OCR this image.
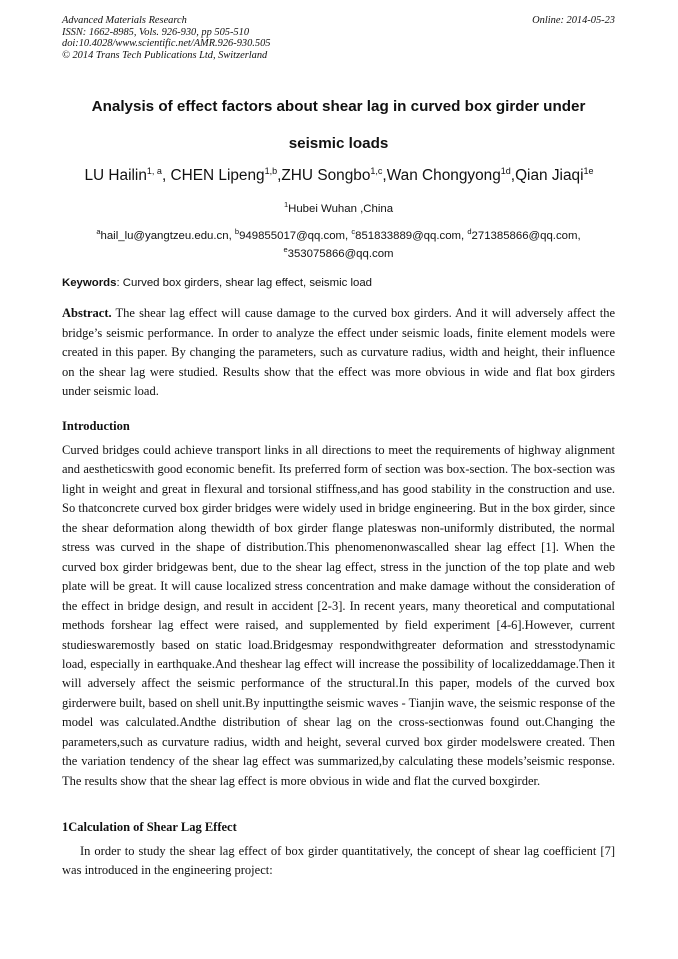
Advanced Materials Research
ISSN: 1662-8985, Vols. 926-930, pp 505-510
doi:10.4028/www.scientific.net/AMR.926-930.505
© 2014 Trans Tech Publications Ltd, Switzerland
Online: 2014-05-23
Analysis of effect factors about shear lag in curved box girder under seismic loads
LU Hailin$^{1, a}$, CHEN Lipeng$^{1,b}$,ZHU Songbo$^{1,c}$,Wan Chongyong$^{1d}$,Qian Jiaqi$^{1e}$
$^1$Hubei Wuhan ,China
$^a$hail_lu@yangtzeu.edu.cn, $^b$949855017@qq.com, $^c$851833889@qq.com, $^d$271385866@qq.com,
$^e$353075866@qq.com
Keywords: Curved box girders, shear lag effect, seismic load
Abstract. The shear lag effect will cause damage to the curved box girders. And it will adversely affect the bridge’s seismic performance. In order to analyze the effect under seismic loads, finite element models were created in this paper. By changing the parameters, such as curvature radius, width and height, their influence on the shear lag were studied. Results show that the effect was more obvious in wide and flat box girders under seismic load.
Introduction
Curved bridges could achieve transport links in all directions to meet the requirements of highway alignment and aestheticswith good economic benefit. Its preferred form of section was box-section. The box-section was light in weight and great in flexural and torsional stiffness,and has good stability in the construction and use. So thatconcrete curved box girder bridges were widely used in bridge engineering. But in the box girder, since the shear deformation along thewidth of box girder flange plateswas non-uniformly distributed, the normal stress was curved in the shape of distribution.This phenomenonwascalled shear lag effect [1]. When the curved box girder bridgewas bent, due to the shear lag effect, stress in the junction of the top plate and web plate will be great. It will cause localized stress concentration and make damage without the consideration of the effect in bridge design, and result in accident [2-3]. In recent years, many theoretical and computational methods forshear lag effect were raised, and supplemented by field experiment [4-6].However, current studieswaremostly based on static load.Bridgesmay respondwithgreater deformation and stresstodynamic load, especially in earthquake.And theshear lag effect will increase the possibility of localizeddamage.Then it will adversely affect the seismic performance of the structural.In this paper, models of the curved box girderwere built, based on shell unit.By inputtingthe seismic waves - Tianjin wave, the seismic response of the model was calculated.Andthe distribution of shear lag on the cross-sectionwas found out.Changing the parameters,such as curvature radius, width and height, several curved box girder modelswere created. Then the variation tendency of the shear lag effect was summarized,by calculating these models’seismic response. The results show that the shear lag effect is more obvious in wide and flat the curved boxgirder.
1Calculation of Shear Lag Effect
In order to study the shear lag effect of box girder quantitatively, the concept of shear lag coefficient [7] was introduced in the engineering project:
